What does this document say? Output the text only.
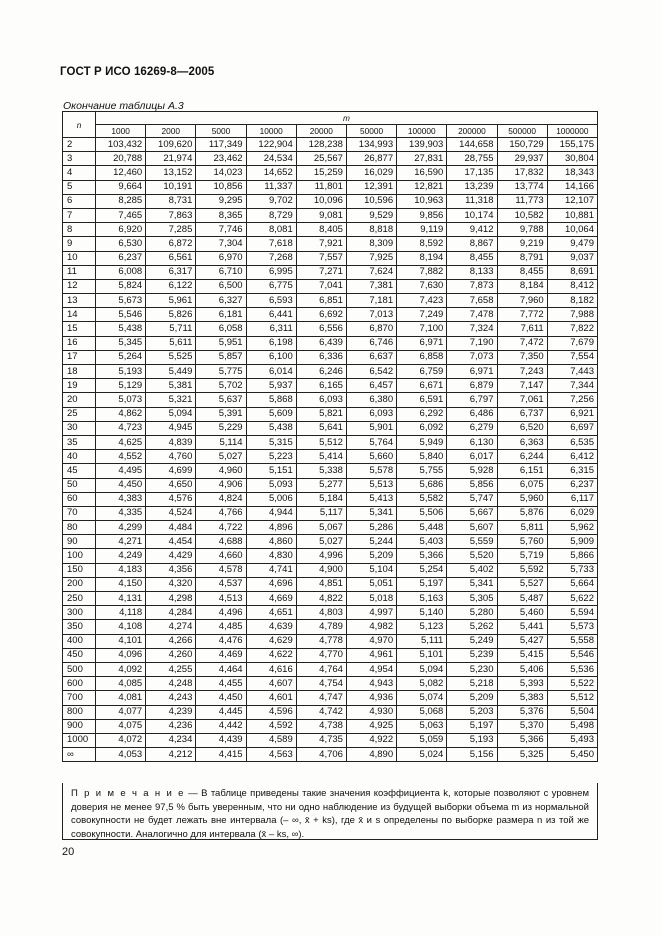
ГОСТ Р ИСО 16269-8—2005
Окончание таблицы А.3
n	m									
	1000	2000	5000	10000	20000	50000	100000	200000	500000	1000000
2	103,432	109,620	117,349	122,904	128,238	134,993	139,903	144,658	150,729	155,175
3	20,788	21,974	23,462	24,534	25,567	26,877	27,831	28,755	29,937	30,804
4	12,460	13,152	14,023	14,652	15,259	16,029	16,590	17,135	17,832	18,343
5	9,664	10,191	10,856	11,337	11,801	12,391	12,821	13,239	13,774	14,166
6	8,285	8,731	9,295	9,702	10,096	10,596	10,963	11,318	11,773	12,107
7	7,465	7,863	8,365	8,729	9,081	9,529	9,856	10,174	10,582	10,881
8	6,920	7,285	7,746	8,081	8,405	8,818	9,119	9,412	9,788	10,064
9	6,530	6,872	7,304	7,618	7,921	8,309	8,592	8,867	9,219	9,479
10	6,237	6,561	6,970	7,268	7,557	7,925	8,194	8,455	8,791	9,037
11	6,008	6,317	6,710	6,995	7,271	7,624	7,882	8,133	8,455	8,691
12	5,824	6,122	6,500	6,775	7,041	7,381	7,630	7,873	8,184	8,412
13	5,673	5,961	6,327	6,593	6,851	7,181	7,423	7,658	7,960	8,182
14	5,546	5,826	6,181	6,441	6,692	7,013	7,249	7,478	7,772	7,988
15	5,438	5,711	6,058	6,311	6,556	6,870	7,100	7,324	7,611	7,822
16	5,345	5,611	5,951	6,198	6,439	6,746	6,971	7,190	7,472	7,679
17	5,264	5,525	5,857	6,100	6,336	6,637	6,858	7,073	7,350	7,554
18	5,193	5,449	5,775	6,014	6,246	6,542	6,759	6,971	7,243	7,443
19	5,129	5,381	5,702	5,937	6,165	6,457	6,671	6,879	7,147	7,344
20	5,073	5,321	5,637	5,868	6,093	6,380	6,591	6,797	7,061	7,256
25	4,862	5,094	5,391	5,609	5,821	6,093	6,292	6,486	6,737	6,921
30	4,723	4,945	5,229	5,438	5,641	5,901	6,092	6,279	6,520	6,697
35	4,625	4,839	5,114	5,315	5,512	5,764	5,949	6,130	6,363	6,535
40	4,552	4,760	5,027	5,223	5,414	5,660	5,840	6,017	6,244	6,412
45	4,495	4,699	4,960	5,151	5,338	5,578	5,755	5,928	6,151	6,315
50	4,450	4,650	4,906	5,093	5,277	5,513	5,686	5,856	6,075	6,237
60	4,383	4,576	4,824	5,006	5,184	5,413	5,582	5,747	5,960	6,117
70	4,335	4,524	4,766	4,944	5,117	5,341	5,506	5,667	5,876	6,029
80	4,299	4,484	4,722	4,896	5,067	5,286	5,448	5,607	5,811	5,962
90	4,271	4,454	4,688	4,860	5,027	5,244	5,403	5,559	5,760	5,909
100	4,249	4,429	4,660	4,830	4,996	5,209	5,366	5,520	5,719	5,866
150	4,183	4,356	4,578	4,741	4,900	5,104	5,254	5,402	5,592	5,733
200	4,150	4,320	4,537	4,696	4,851	5,051	5,197	5,341	5,527	5,664
250	4,131	4,298	4,513	4,669	4,822	5,018	5,163	5,305	5,487	5,622
300	4,118	4,284	4,496	4,651	4,803	4,997	5,140	5,280	5,460	5,594
350	4,108	4,274	4,485	4,639	4,789	4,982	5,123	5,262	5,441	5,573
400	4,101	4,266	4,476	4,629	4,778	4,970	5,111	5,249	5,427	5,558
450	4,096	4,260	4,469	4,622	4,770	4,961	5,101	5,239	5,415	5,546
500	4,092	4,255	4,464	4,616	4,764	4,954	5,094	5,230	5,406	5,536
600	4,085	4,248	4,455	4,607	4,754	4,943	5,082	5,218	5,393	5,522
700	4,081	4,243	4,450	4,601	4,747	4,936	5,074	5,209	5,383	5,512
800	4,077	4,239	4,445	4,596	4,742	4,930	5,068	5,203	5,376	5,504
900	4,075	4,236	4,442	4,592	4,738	4,925	5,063	5,197	5,370	5,498
1000	4,072	4,234	4,439	4,589	4,735	4,922	5,059	5,193	5,366	5,493
∞	4,053	4,212	4,415	4,563	4,706	4,890	5,024	5,156	5,325	5,450
П р и м е ч а н и е — В таблице приведены такие значения коэффициента k, которые позволяют с уровнем доверия не менее 97,5 % быть уверенным, что ни одно наблюдение из будущей выборки объема m из нормальной совокупности не будет лежать вне интервала (– ∞, x̄ + ks), где x̄ и s определены по выборке размера n из той же совокупности. Аналогично для интервала (x̄ – ks, ∞).
20
